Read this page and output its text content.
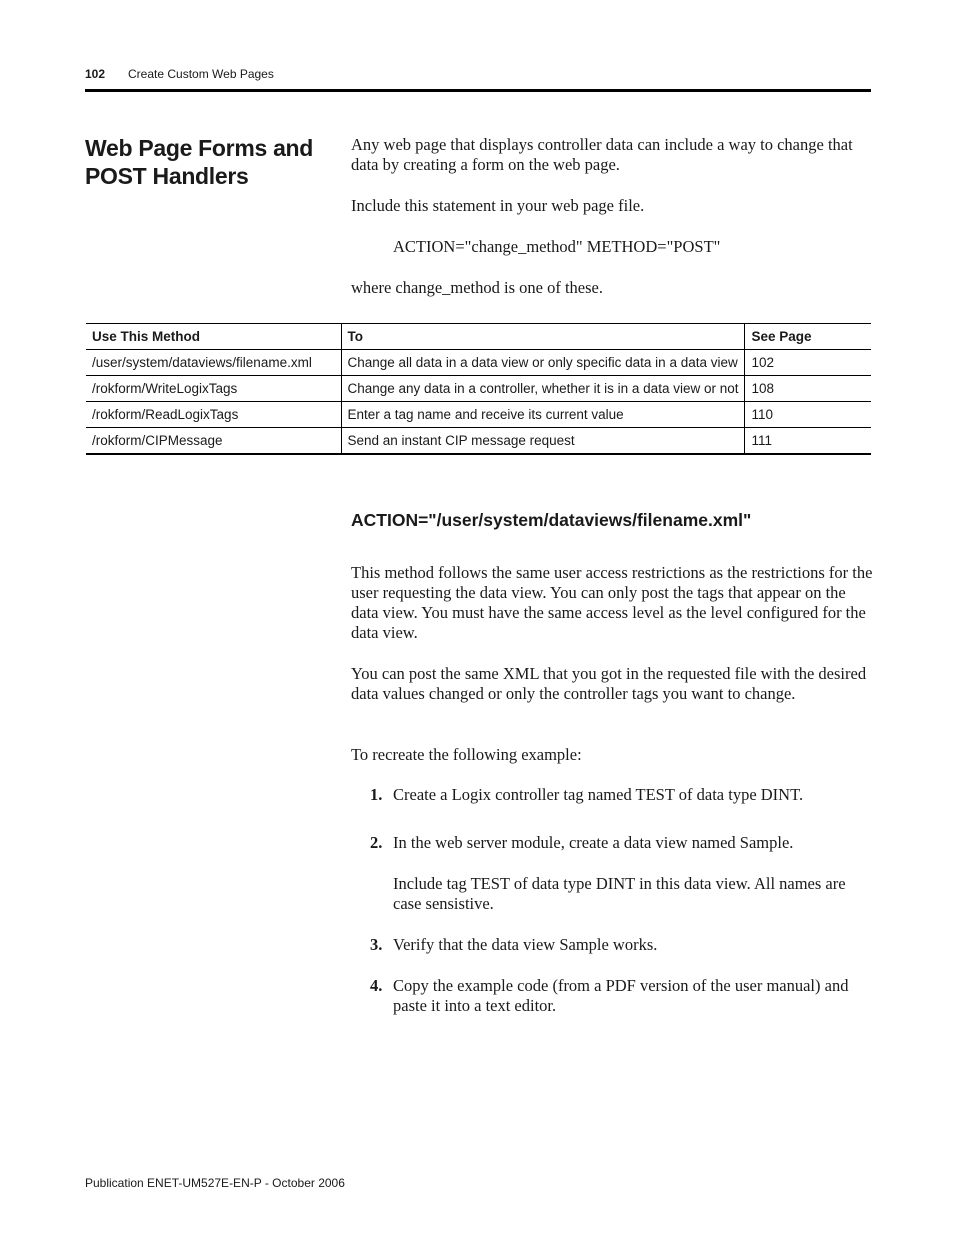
102 Create Custom Web Pages
Web Page Forms and POST Handlers
Any web page that displays controller data can include a way to change that data by creating a form on the web page.
Include this statement in your web page file.
ACTION="change_method" METHOD="POST"
where change_method is one of these.
Use This Method	To	See Page
/user/system/dataviews/filename.xml	Change all data in a data view or only specific data in a data view	102
/rokform/WriteLogixTags	Change any data in a controller, whether it is in a data view or not	108
/rokform/ReadLogixTags	Enter a tag name and receive its current value	110
/rokform/CIPMessage	Send an instant CIP message request	111
ACTION="/user/system/dataviews/filename.xml"
This method follows the same user access restrictions as the restrictions for the user requesting the data view. You can only post the tags that appear on the data view. You must have the same access level as the level configured for the data view.
You can post the same XML that you got in the requested file with the desired data values changed or only the controller tags you want to change.
To recreate the following example:
1. Create a Logix controller tag named TEST of data type DINT.
2. In the web server module, create a data view named Sample.
Include tag TEST of data type DINT in this data view. All names are case sensistive.
3. Verify that the data view Sample works.
4. Copy the example code (from a PDF version of the user manual) and paste it into a text editor.
Publication ENET-UM527E-EN-P - October 2006
